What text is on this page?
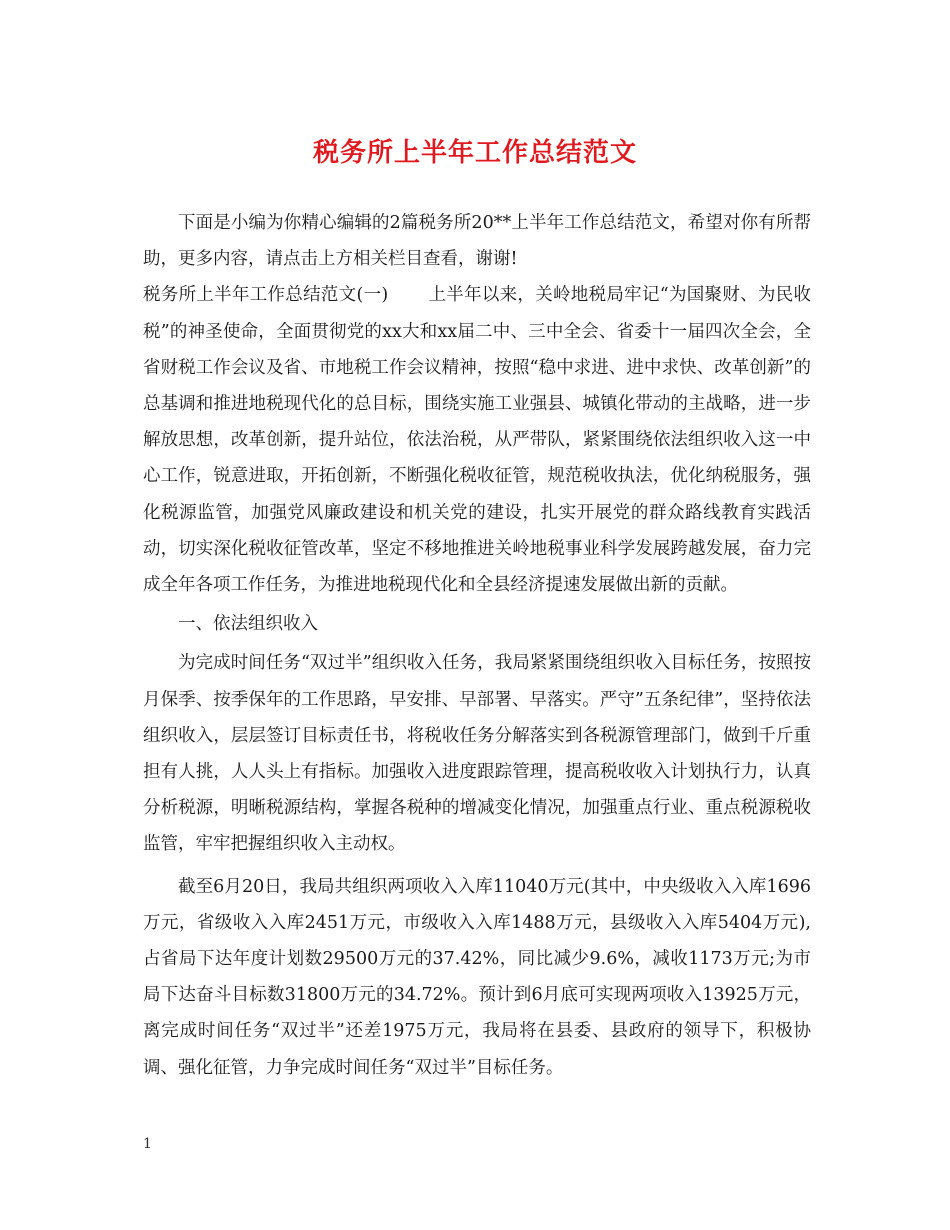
税务所上半年工作总结范文

下面是小编为你精心编辑的2篇税务所20**上半年工作总结范文，希望对你有所帮助，更多内容，请点击上方相关栏目查看，谢谢!

税务所上半年工作总结范文(一) 上半年以来，关岭地税局牢记“为国聚财、为民收税”的神圣使命，全面贯彻党的xx大和xx届二中、三中全会、省委十一届四次全会，全省财税工作会议及省、市地税工作会议精神，按照“稳中求进、进中求快、改革创新”的总基调和推进地税现代化的总目标，围绕实施工业强县、城镇化带动的主战略，进一步解放思想，改革创新，提升站位，依法治税，从严带队，紧紧围绕依法组织收入这一中心工作，锐意进取，开拓创新，不断强化税收征管，规范税收执法，优化纳税服务，强化税源监管，加强党风廉政建设和机关党的建设，扎实开展党的群众路线教育实践活动，切实深化税收征管改革，坚定不移地推进关岭地税事业科学发展跨越发展，奋力完成全年各项工作任务，为推进地税现代化和全县经济提速发展做出新的贡献。

一、依法组织收入

为完成时间任务“双过半”组织收入任务，我局紧紧围绕组织收入目标任务，按照按月保季、按季保年的工作思路，早安排、早部署、早落实。严守”五条纪律”，坚持依法组织收入，层层签订目标责任书，将税收任务分解落实到各税源管理部门，做到千斤重担有人挑，人人头上有指标。加强收入进度跟踪管理，提高税收收入计划执行力，认真分析税源，明晰税源结构，掌握各税种的增减变化情况，加强重点行业、重点税源税收监管，牢牢把握组织收入主动权。

截至6月20日，我局共组织两项收入入库11040万元(其中，中央级收入入库1696万元，省级收入入库2451万元，市级收入入库1488万元，县级收入入库5404万元),占省局下达年度计划数29500万元的37.42%，同比减少9.6%，减收1173万元;为市局下达奋斗目标数31800万元的34.72%。预计到6月底可实现两项收入13925万元，离完成时间任务“双过半”还差1975万元，我局将在县委、县政府的领导下，积极协调、强化征管，力争完成时间任务“双过半”目标任务。

1
